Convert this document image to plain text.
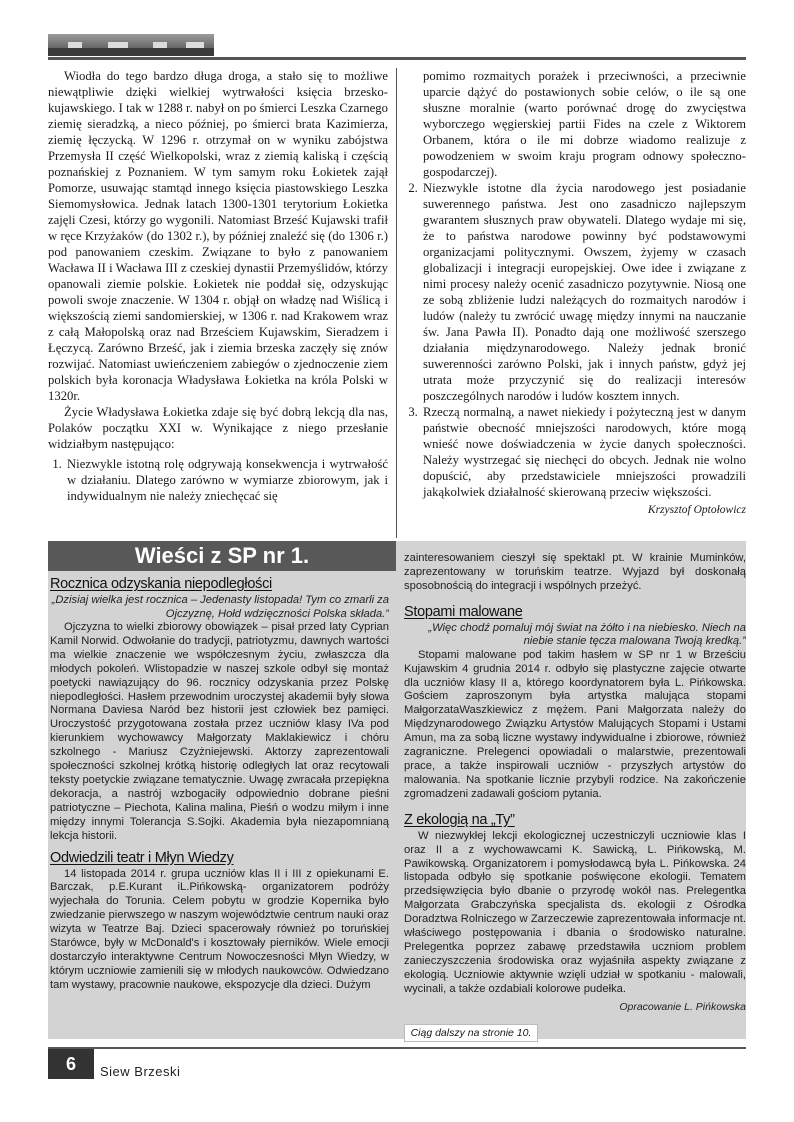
Wiodła do tego bardzo długa droga, a stało się to możliwe niewątpliwie dzięki wielkiej wytrwałości księcia brzesko-kujawskiego. I tak w 1288 r. nabył on po śmierci Leszka Czarnego ziemię sieradzką, a nieco później, po śmierci brata Kazimierza, ziemię łęczycką. W 1296 r. otrzymał on w wyniku zabójstwa Przemysła II część Wielkopolski, wraz z ziemią kaliską i częścią poznańskiej z Poznaniem. W tym samym roku Łokietek zajął Pomorze, usuwając stamtąd innego księcia piastowskiego Leszka Siemomysłowica. Jednak latach 1300-1301 terytorium Łokietka zajęli Czesi, którzy go wygonili. Natomiast Brześć Kujawski trafił w ręce Krzyżaków (do 1302 r.), by później znaleźć się (do 1306 r.) pod panowaniem czeskim. Związane to było z panowaniem Wacława II i Wacława III z czeskiej dynastii Przemyślidów, którzy opanowali ziemie polskie. Łokietek nie poddał się, odzyskując powoli swoje znaczenie. W 1304 r. objął on władzę nad Wiślicą i większością ziemi sandomierskiej, w 1306 r. nad Krakowem wraz z całą Małopolską oraz nad Brześciem Kujawskim, Sieradzem i Łęczycą. Zarówno Brześć, jak i ziemia brzeska zaczęły się znów rozwijać. Natomiast uwieńczeniem zabiegów o zjednoczenie ziem polskich była koronacja Władysława Łokietka na króla Polski w 1320r.

Życie Władysława Łokietka zdaje się być dobrą lekcją dla nas, Polaków początku XXI w. Wynikające z niego przesłanie widziałbym następująco:

1. Niezwykle istotną rolę odgrywają konsekwencja i wytrwałość w działaniu. Dlatego zarówno w wymiarze zbiorowym, jak i indywidualnym nie należy zniechęcać się

pomimo rozmaitych porażek i przeciwności, a przeciwnie uparcie dążyć do postawionych sobie celów, o ile są one słuszne moralnie (warto porównać drogę do zwycięstwa wyborczego węgierskiej partii Fides na czele z Wiktorem Orbanem, która o ile mi dobrze wiadomo realizuje z powodzeniem w swoim kraju program odnowy społeczno-gospodarczej).

2. Niezwykle istotne dla życia narodowego jest posiadanie suwerennego państwa. Jest ono zasadniczo najlepszym gwarantem słusznych praw obywateli. Dlatego wydaje mi się, że to państwa narodowe powinny być podstawowymi organizacjami politycznymi. Owszem, żyjemy w czasach globalizacji i integracji europejskiej. Owe idee i związane z nimi procesy należy ocenić zasadniczo pozytywnie. Niosą one ze sobą zbliżenie ludzi należących do rozmaitych narodów i ludów (należy tu zwrócić uwagę między innymi na nauczanie św. Jana Pawła II). Ponadto dają one możliwość szerszego działania międzynarodowego. Należy jednak bronić suwerenności zarówno Polski, jak i innych państw, gdyż jej utrata może przyczynić się do realizacji interesów poszczególnych narodów i ludów kosztem innych.
3. Rzeczą normalną, a nawet niekiedy i pożyteczną jest w danym państwie obecność mniejszości narodowych, które mogą wnieść nowe doświadczenia w życie danych społeczności. Należy wystrzegać się niechęci do obcych. Jednak nie wolno dopuścić, aby przedstawiciele mniejszości prowadzili jakąkolwiek działalność skierowaną przeciw większości.
Krzysztof Optołowicz
Wieści z SP nr 1.
Rocznica odzyskania niepodległości

„Dzisiaj wielka jest rocznica – Jedenasty listopada! Tym co zmarli za Ojczyznę, Hołd wdzięczności Polska składa.”

Ojczyzna to wielki zbiorowy obowiązek – pisał przed laty Cyprian Kamil Norwid. Odwołanie do tradycji, patriotyzmu, dawnych wartości ma wielkie znaczenie we współczesnym życiu, zwłaszcza dla młodych pokoleń. Wlistopadzie w naszej szkole odbył się montaż poetycki nawiązujący do 96. rocznicy odzyskania przez Polskę niepodległości. Hasłem przewodnim uroczystej akademii były słowa Normana Daviesa Naród bez historii jest człowiek bez pamięci. Uroczystość przygotowana została przez uczniów klasy IVa pod kierunkiem wychowawcy Małgorzaty Maklakiewicz i chóru szkolnego - Mariusz Czyżniejewski. Aktorzy zaprezentowali społeczności szkolnej krótką historię odległych lat oraz recytowali teksty poetyckie związane tematycznie. Uwagę zwracała przepiękna dekoracja, a nastrój wzbogaciły odpowiednio dobrane pieśni patriotyczne – Piechota, Kalina malina, Pieśń o wodzu miłym i inne między innymi Tolerancja S.Sojki. Akademia była niezapomnianą lekcja historii.

Odwiedzili teatr i Młyn Wiedzy

14 listopada 2014 r. grupa uczniów klas II i III z opiekunami E. Barczak, p.E.Kurant iL.Pińkowską- organizatorem podróży wyjechała do Torunia. Celem pobytu w grodzie Kopernika było zwiedzanie pierwszego w naszym województwie centrum nauki oraz wizyta w Teatrze Baj. Dzieci spacerowały również po toruńskiej Starówce, były w McDonald's i kosztowały pierników. Wiele emocji dostarczyło interaktywne Centrum Nowoczesności Młyn Wiedzy, w którym uczniowie zamienili się w młodych naukowców. Odwiedzano tam wystawy, pracownie naukowe, ekspozycje dla dzieci. Dużym

zainteresowaniem cieszył się spektakl pt. W krainie Muminków, zaprezentowany w toruńskim teatrze. Wyjazd był doskonałą sposobnością do integracji i wspólnych przeżyć.

Stopami malowane

„Więc chodź pomaluj mój świat na żółto i na niebiesko. Niech na niebie stanie tęcza malowana Twoją kredką.”

Stopami malowane pod takim hasłem w SP nr 1 w Brześciu Kujawskim 4 grudnia 2014 r. odbyło się plastyczne zajęcie otwarte dla uczniów klasy II a, którego koordynatorem była L. Pińkowska. Gościem zaproszonym była artystka malująca stopami MałgorzataWaszkiewicz z mężem. Pani Małgorzata należy do Międzynarodowego Związku Artystów Malujących Stopami i Ustami Amun, ma za sobą liczne wystawy indywidualne i zbiorowe, również zagraniczne. Prelegenci opowiadali o malarstwie, prezentowali prace, a także inspirowali uczniów - przyszłych artystów do malowania. Na spotkanie licznie przybyli rodzice. Na zakończenie zgromadzeni zadawali gościom pytania.

Z ekologią na „Ty”

W niezwykłej lekcji ekologicznej uczestniczyli uczniowie klas I oraz II a z wychowawcami K. Sawicką, L. Pińkowską, M. Pawikowską. Organizatorem i pomysłodawcą była L. Pińkowska. 24 listopada odbyło się spotkanie poświęcone ekologii. Tematem przedsięwzięcia było dbanie o przyrodę wokół nas. Prelegentka Małgorzata Grabczyńska specjalista ds. ekologii z Ośrodka Doradztwa Rolniczego w Zarzeczewie zaprezentowała informacje nt. właściwego postępowania i dbania o środowisko naturalne. Prelegentka poprzez zabawę przedstawiła uczniom problem zanieczyszczenia środowiska oraz wyjaśniła aspekty związane z ekologią. Uczniowie aktywnie wzięli udział w spotkaniu - malowali, wycinali, a także ozdabiali kolorowe pudełka.

Opracowanie L. Pińkowska

Ciąg dalszy na stronie 10.
6	Siew Brzeski
